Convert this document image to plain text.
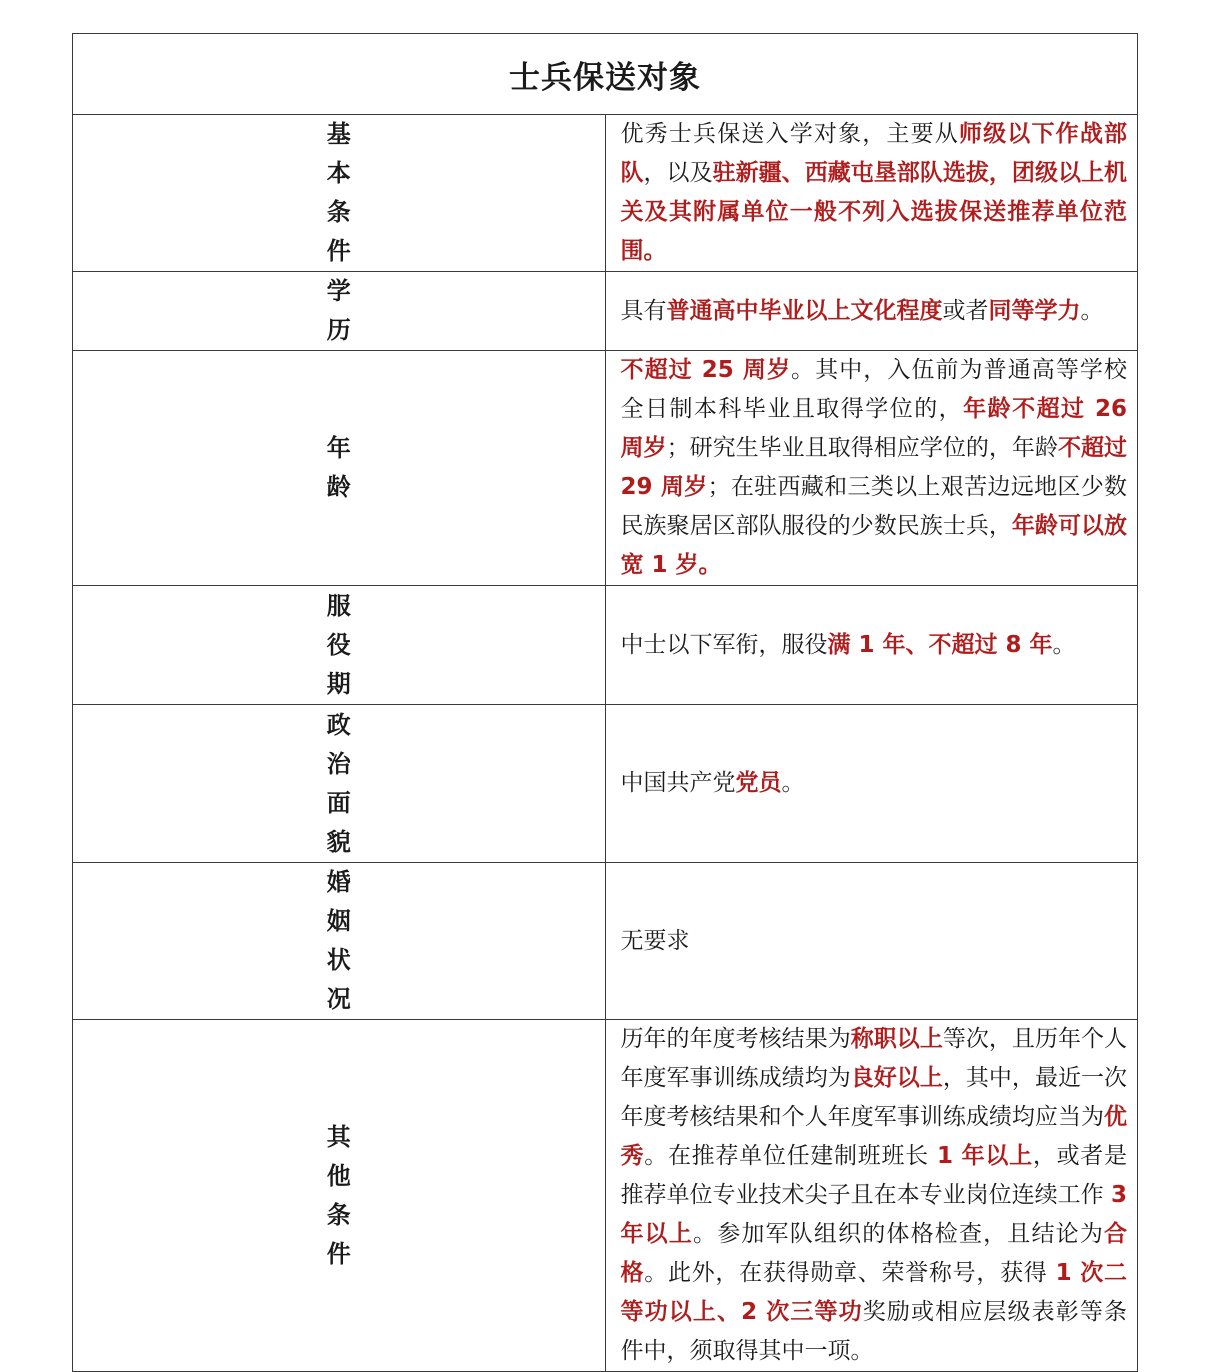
士兵保送对象	
基本条件	优秀士兵保送入学对象，主要从师级以下作战部队，以及驻新疆、西藏屯垦部队选拔，团级以上机关及其附属单位一般不列入选拔保送推荐单位范围。
学历	具有普通高中毕业以上文化程度或者同等学力。
年龄	不超过 25 周岁。其中，入伍前为普通高等学校全日制本科毕业且取得学位的，年龄不超过 26 周岁；研究生毕业且取得相应学位的，年龄不超过 29 周岁；在驻西藏和三类以上艰苦边远地区少数民族聚居区部队服役的少数民族士兵，年龄可以放宽 1 岁。
服役期	中士以下军衔，服役满 1 年、不超过 8 年。
政治面貌	中国共产党党员。
婚姻状况	无要求
其他条件	历年的年度考核结果为称职以上等次，且历年个人年度军事训练成绩均为良好以上，其中，最近一次年度考核结果和个人年度军事训练成绩均应当为优秀。在推荐单位任建制班班长 1 年以上，或者是推荐单位专业技术尖子且在本专业岗位连续工作 3 年以上。参加军队组织的体格检查，且结论为合格。此外，在获得勋章、荣誉称号，获得 1 次二等功以上、2 次三等功奖励或相应层级表彰等条件中，须取得其中一项。
